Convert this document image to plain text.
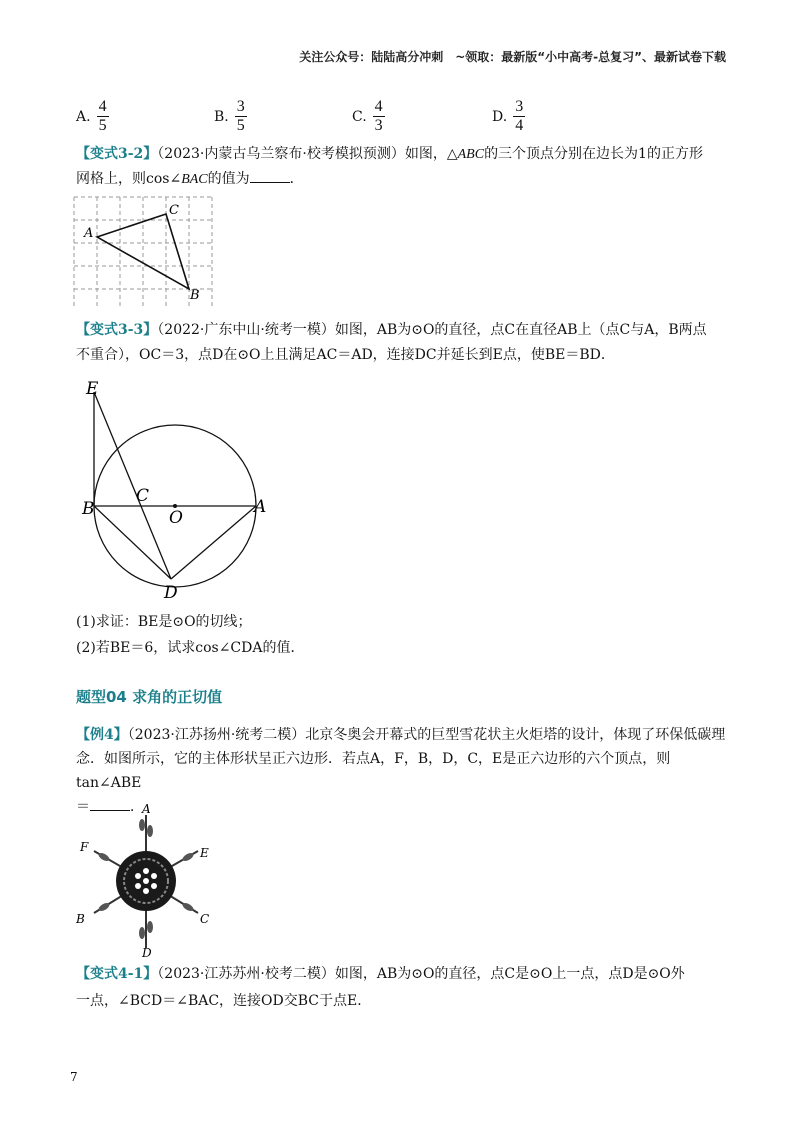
关注公众号：陆陆高分冲刺　~领取：最新版“小中高考-总复习”、最新试卷下载
A. $\frac{4}{5}$	B. $\frac{3}{5}$	C. $\frac{4}{3}$	D. $\frac{3}{4}$
【变式3-2】（2023·内蒙古乌兰察布·校考模拟预测）如图，△ABC的三个顶点分别在边长为1的正方形
网格上，则cos∠BAC的值为	．
A
C
B
【变式3-3】（2022·广东中山·统考一模）如图，AB为⊙O的直径，点C在直径AB上（点C与A，B两点
不重合），OC＝3，点D在⊙O上且满足AC＝AD，连接DC并延长到E点，使BE＝BD．
E
B
C
O
A
D
(1)求证：BE是⊙O的切线；
(2)若BE＝6，试求cos∠CDA的值．
题型04 求角的正切值
【例4】（2023·江苏扬州·统考二模）北京冬奥会开幕式的巨型雪花状主火炬塔的设计，体现了环保低碳理
念．如图所示，它的主体形状呈正六边形．若点A，F，B，D，C，E是正六边形的六个顶点，则tan∠ABE
＝	．
A
F	E
B	C
D
【变式4-1】（2023·江苏苏州·校考二模）如图，AB为⊙O的直径，点C是⊙O上一点，点D是⊙O外
一点，∠BCD＝∠BAC，连接OD交BC于点E．
7
